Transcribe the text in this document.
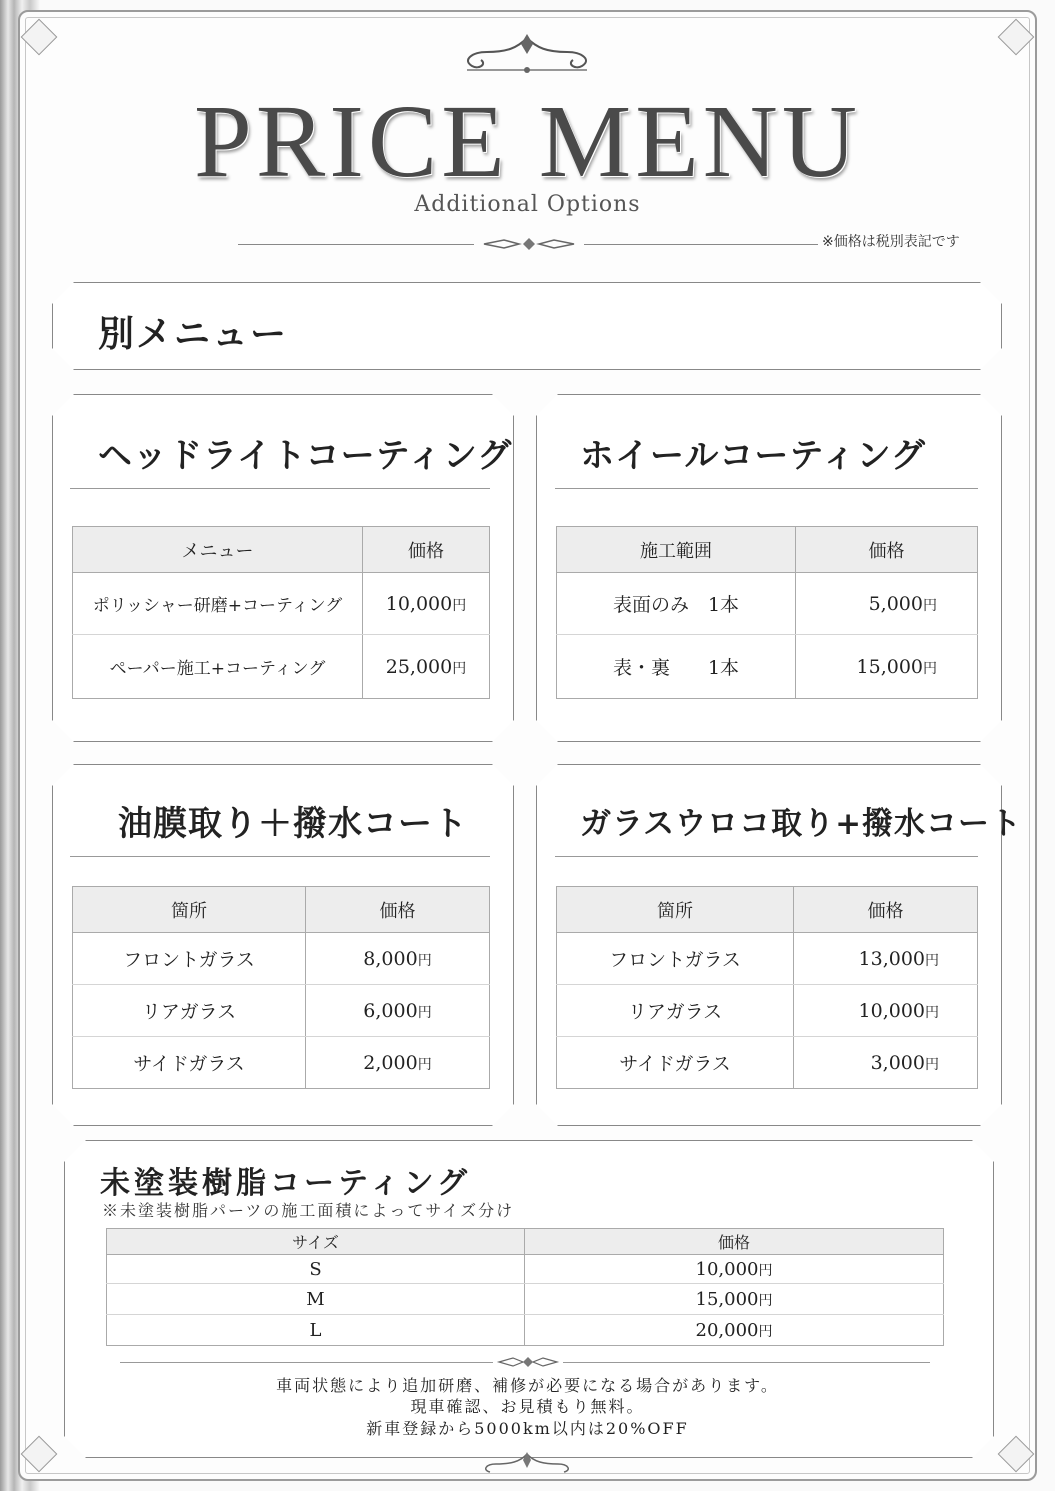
PRICE MENU
Additional Options
※価格は税別表記です
別メニュー
ヘッドライトコーティング
メニュー	価格
ポリッシャー研磨+コーティング	10,000円
ペーパー施工+コーティング	25,000円
ホイールコーティング
施工範囲	価格
表面のみ　1本	5,000円
表・裏　　1本	15,000円
油膜取り＋撥水コート
箇所	価格
フロントガラス	8,000円
リアガラス	6,000円
サイドガラス	2,000円
ガラスウロコ取り+撥水コート
箇所	価格
フロントガラス	13,000円
リアガラス	10,000円
サイドガラス	3,000円
未塗装樹脂コーティング
※未塗装樹脂パーツの施工面積によってサイズ分け
サイズ	価格
S	10,000円
M	15,000円
L	20,000円
車両状態により追加研磨、補修が必要になる場合があります。
現車確認、お見積もり無料。
新車登録から5000km以内は20%OFF
